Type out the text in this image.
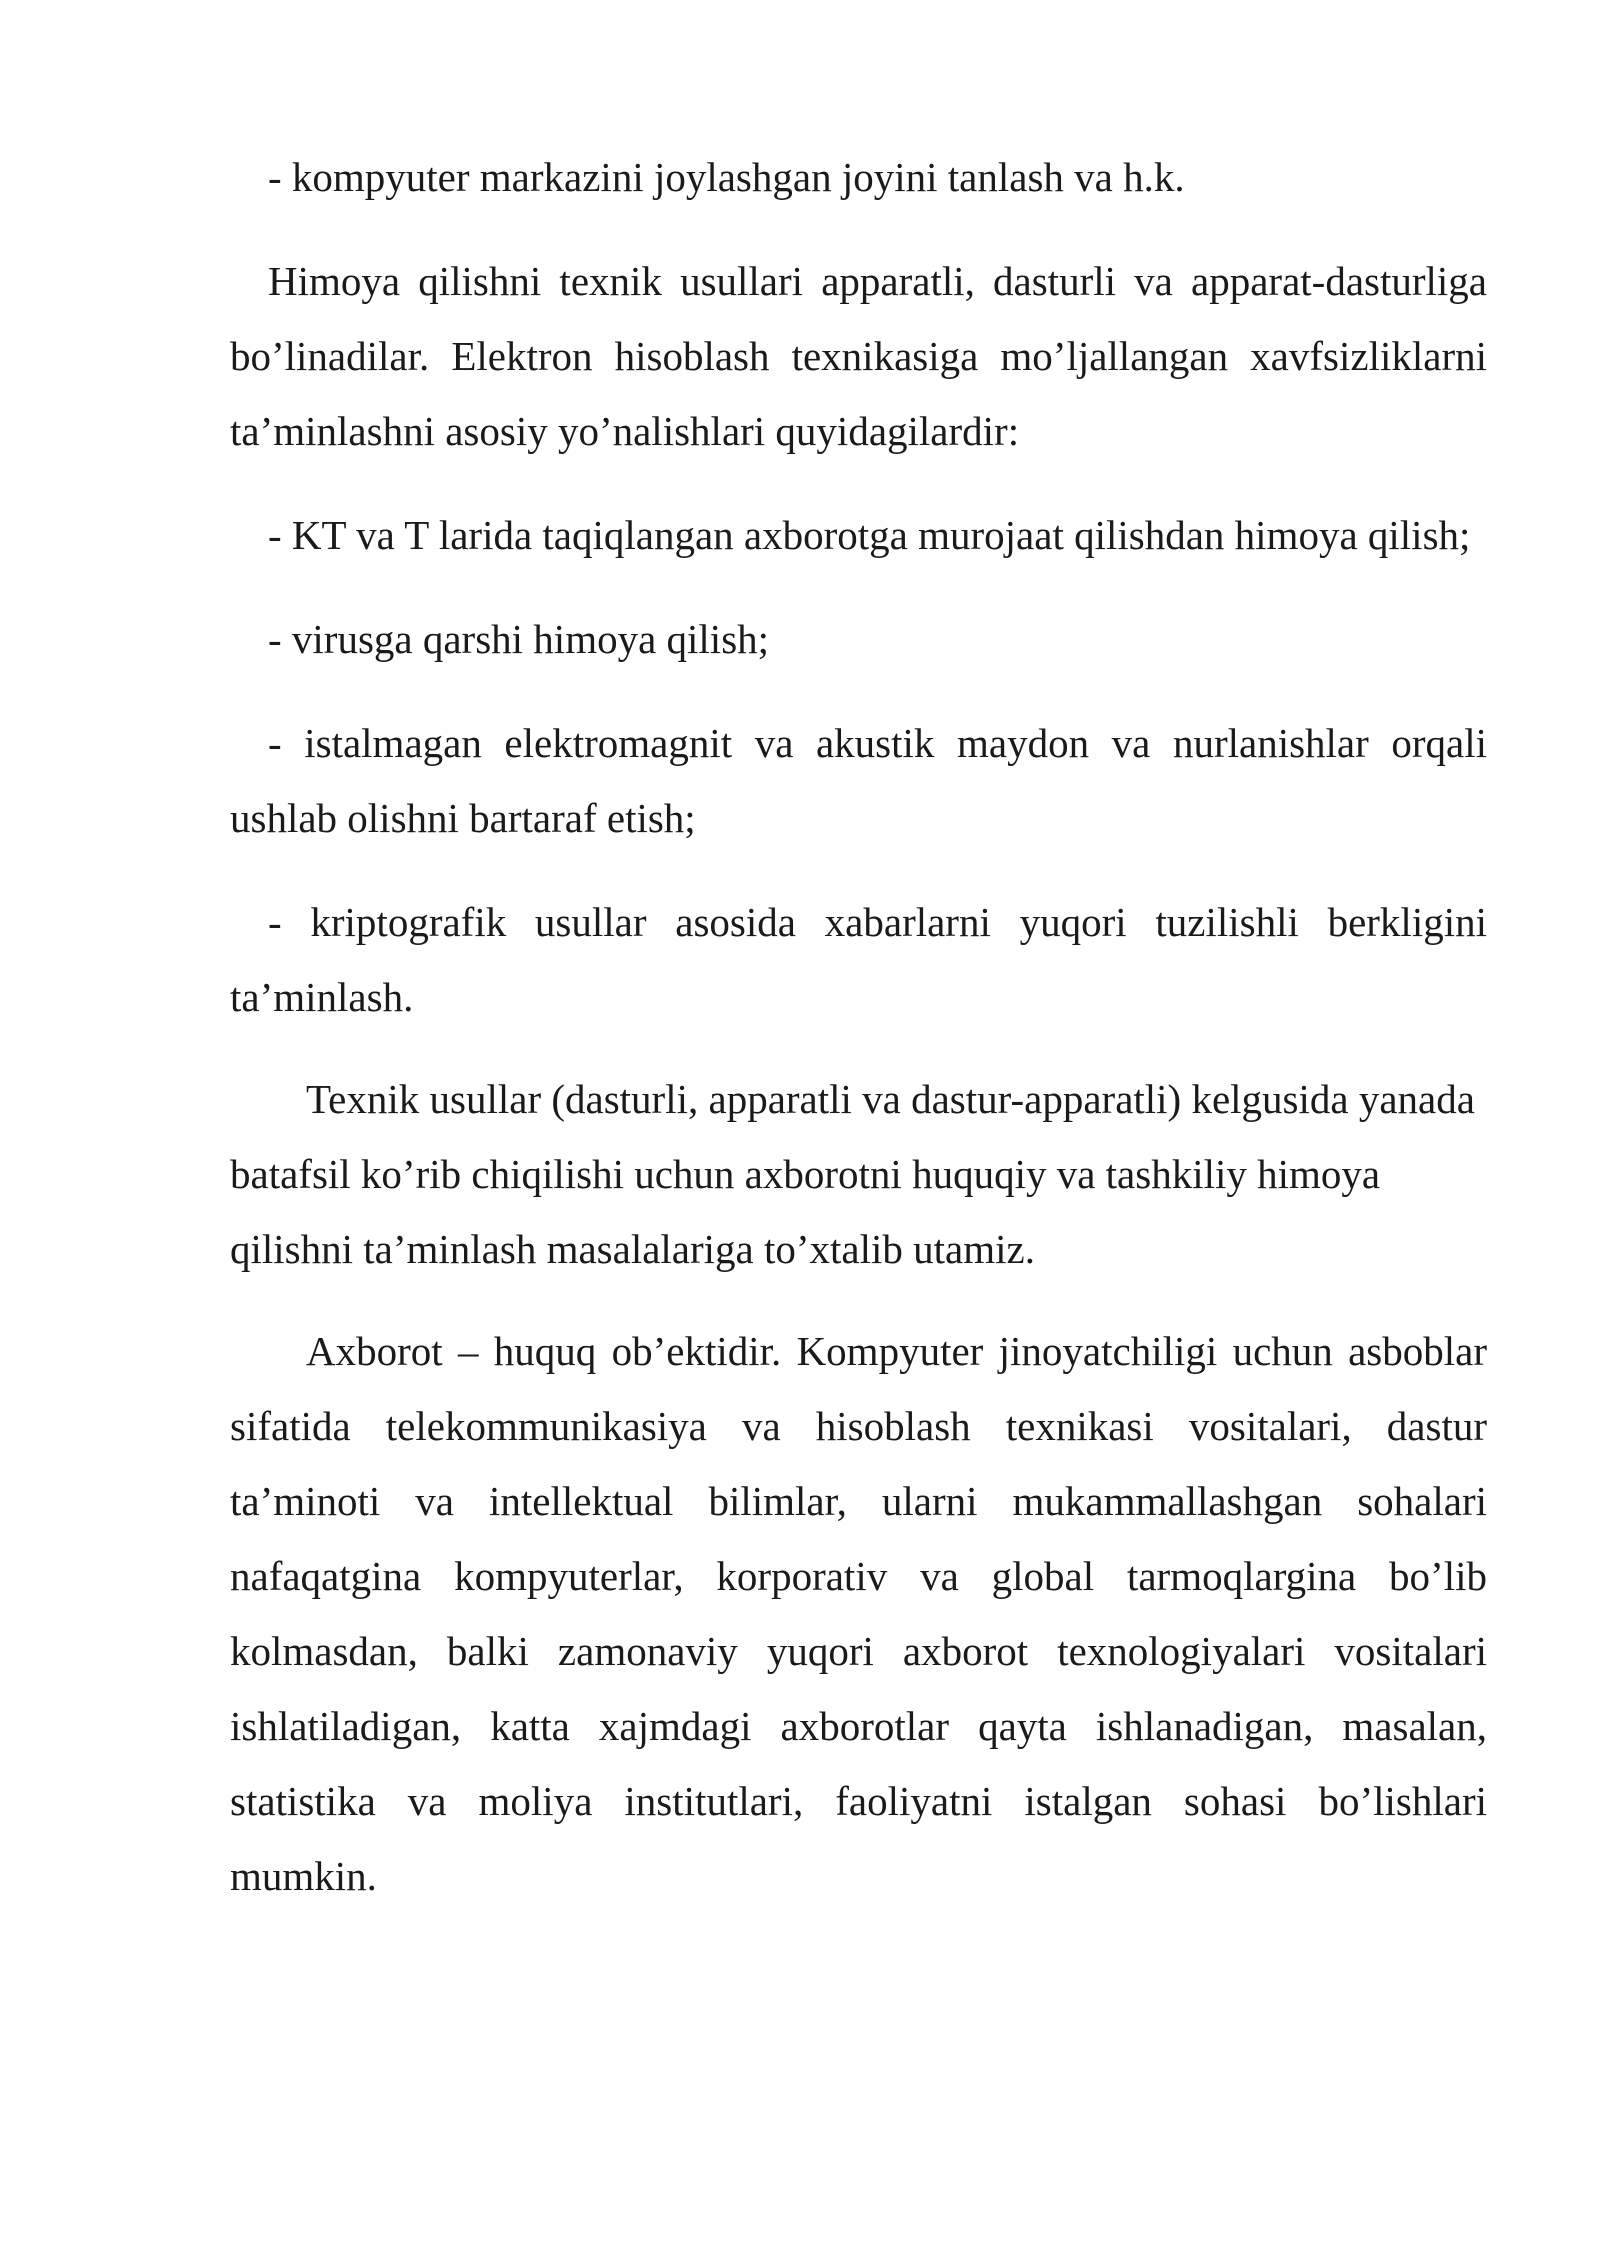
- kompyuter markazini joylashgan joyini tanlash va h.k.

Himoya qilishni texnik usullari apparatli, dasturli va apparat-dasturliga bo’linadilar. Elektron hisoblash texnikasiga mo’ljallangan xavfsizliklarni ta’minlashni asosiy yo’nalishlari quyidagilardir:

- KT va T larida taqiqlangan axborotga murojaat qilishdan himoya qilish;

- virusga qarshi himoya qilish;

- istalmagan elektromagnit va akustik maydon va nurlanishlar orqali ushlab olishni bartaraf etish;

- kriptografik usullar asosida xabarlarni yuqori tuzilishli berkligini ta’minlash.

Texnik usullar (dasturli, apparatli va dastur-apparatli) kelgusida yanada batafsil ko’rib chiqilishi uchun axborotni huquqiy va tashkiliy himoya qilishni ta’minlash masalalariga to’xtalib utamiz.

Axborot – huquq ob’ektidir. Kompyuter jinoyatchiligi uchun asboblar sifatida telekommunikasiya va hisoblash texnikasi vositalari, dastur ta’minoti va intellektual bilimlar, ularni mukammallashgan sohalari nafaqatgina kompyuterlar, korporativ va global tarmoqlargina bo’lib kolmasdan, balki zamonaviy yuqori axborot texnologiyalari vositalari ishlatiladigan, katta xajmdagi axborotlar qayta ishlanadigan, masalan, statistika va moliya institutlari, faoliyatni istalgan sohasi bo’lishlari mumkin.
